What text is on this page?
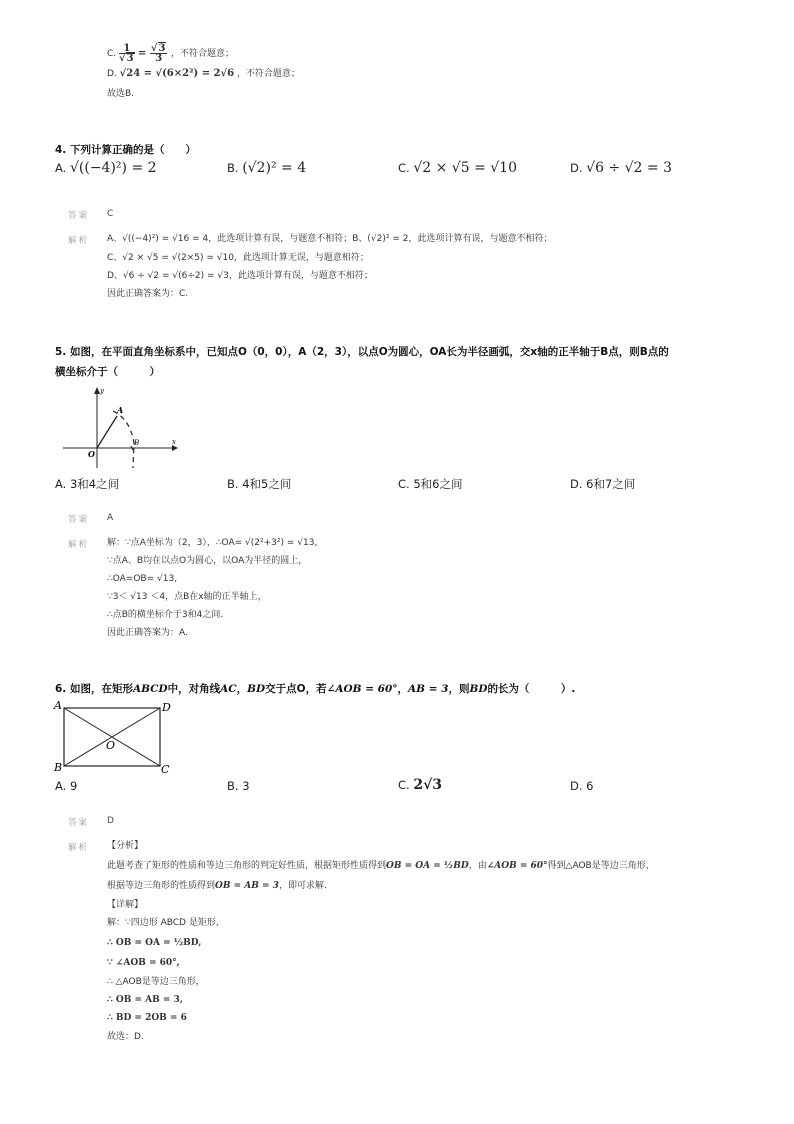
C. $\frac{1}{√3} = \frac{√3}{3}$ ，不符合题意；
D. √24 = √(6×2²) = 2√6 ，不符合题意；
故选B.
4. 下列计算正确的是（　　）
A. √((−4)²) = 2	B. (√2)² = 4	C. √2 × √5 = √10	D. √6 ÷ √2 = 3
答案 C
解析 A、√((−4)²) = √16 = 4，此选项计算有误，与题意不相符；B、(√2)² = 2，此选项计算有误，与题意不相符；
C、√2 × √5 = √(2×5) = √10，此选项计算无误，与题意相符；
D、√6 ÷ √2 = √(6÷2) = √3，此选项计算有误，与题意不相符；
因此正确答案为：C.
5. 如图，在平面直角坐标系中，已知点O（0，0），A（2，3），以点O为圆心，OA长为半径画弧，交x轴的正半轴于B点，则B点的
横坐标介于（　　　）
y
x
O
A
B
A. 3和4之间	B. 4和5之间	C. 5和6之间	D. 6和7之间
答案 A
解析 解：∵点A坐标为（2，3），∴OA= √(2²+3²) = √13,
∵点A、B均在以点O为圆心，以OA为半径的圆上，
∴OA=OB= √13,
∵3＜ √13 ＜4，点B在x轴的正半轴上，
∴点B的横坐标介于3和4之间.
因此正确答案为：A.
6. 如图，在矩形ABCD中，对角线AC，BD交于点O，若∠AOB = 60°，AB = 3，则BD的长为（　　　）.
A
B	C
D
O
A. 9	B. 3	C. 2√3	D. 6
答案 D
解析 【分析】
此题考查了矩形的性质和等边三角形的判定好性质，根据矩形性质得到OB = OA = ½BD，由∠AOB = 60°得到△AOB是等边三角形，
根据等边三角形的性质得到OB = AB = 3，即可求解.
【详解】
解：∵四边形 ABCD 是矩形，
∴ OB = OA = ½BD,
∵ ∠AOB = 60°,
∴ △AOB是等边三角形，
∴ OB = AB = 3,
∴ BD = 2OB = 6
故选：D.
